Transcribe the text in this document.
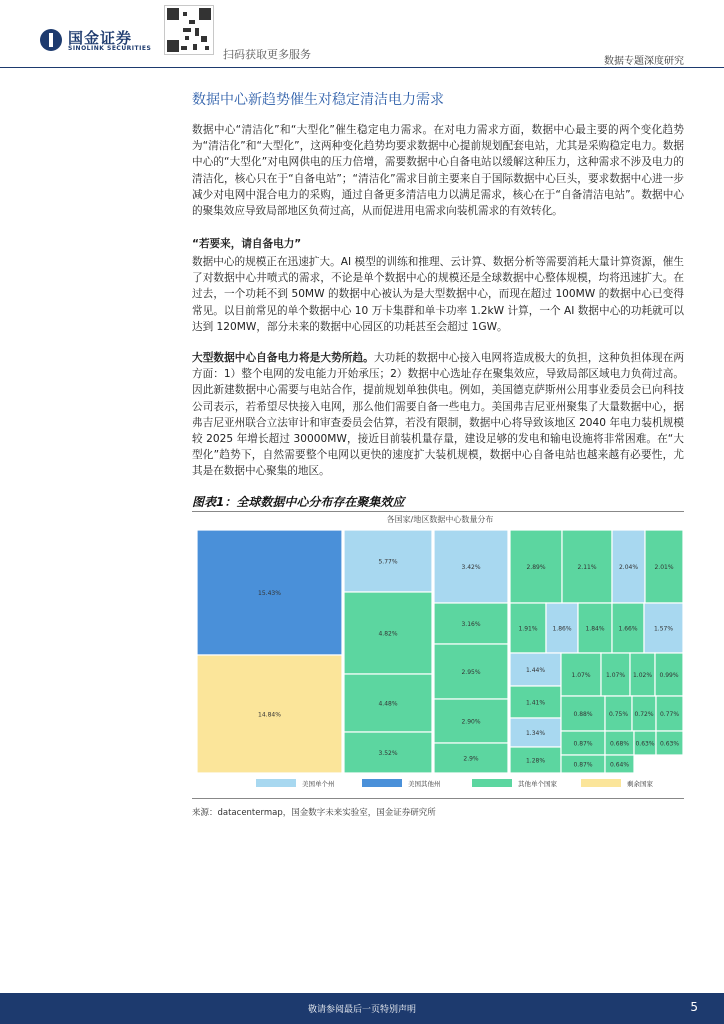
国金证券
SINOLINK SECURITIES	扫码获取更多服务
数据专题深度研究
数据中心新趋势催生对稳定清洁电力需求
数据中心“清洁化”和“大型化”催生稳定电力需求。在对电力需求方面，数据中心最主要的两个变化趋势为“清洁化”和“大型化”，这两种变化趋势均要求数据中心提前规划配套电站，尤其是采购稳定电力。数据中心的“大型化”对电网供电的压力倍增，需要数据中心自备电站以缓解这种压力，这种需求不涉及电力的清洁化，核心只在于“自备电站”；“清洁化”需求目前主要来自于国际数据中心巨头，要求数据中心进一步减少对电网中混合电力的采购，通过自备更多清洁电力以满足需求，核心在于“自备清洁电站”。数据中心的聚集效应导致局部地区负荷过高，从而促进用电需求向装机需求的有效转化。
“若要来，请自备电力”
数据中心的规模正在迅速扩大。AI 模型的训练和推理、云计算、数据分析等需要消耗大量计算资源，催生了对数据中心井喷式的需求，不论是单个数据中心的规模还是全球数据中心整体规模，均将迅速扩大。在过去，一个功耗不到 50MW 的数据中心被认为是大型数据中心，而现在超过 100MW 的数据中心已变得常见。以目前常见的单个数据中心 10 万卡集群和单卡功率 1.2kW 计算，一个 AI 数据中心的功耗就可以达到 120MW，部分未来的数据中心园区的功耗甚至会超过 1GW。
大型数据中心自备电力将是大势所趋。大功耗的数据中心接入电网将造成极大的负担，这种负担体现在两方面：1）整个电网的发电能力开始承压；2）数据中心选址存在聚集效应，导致局部区域电力负荷过高。因此新建数据中心需要与电站合作，提前规划单独供电。例如，美国德克萨斯州公用事业委员会已向科技公司表示，若希望尽快接入电网，那么他们需要自备一些电力。美国弗吉尼亚州聚集了大量数据中心，据弗吉尼亚州联合立法审计和审查委员会估算，若没有限制，数据中心将导致该地区 2040 年电力装机规模较 2025 年增长超过 30000MW，接近目前装机量存量，建设足够的发电和输电设施将非常困难。在“大型化”趋势下，自然需要整个电网以更快的速度扩大装机规模，数据中心自备电站也越来越有必要性，尤其是在数据中心聚集的地区。
图表1：全球数据中心分布存在聚集效应
各国家/地区数据中心数量分布
15.43%
14.84%
5.77%
4.82%
4.48%
3.52%
3.42%
3.16%
2.95%
2.90%
2.9%
2.89%	2.11%	2.04%	2.01%
1.91% 1.86% 1.84% 1.66%	1.57%
1.44%
1.41%
1.34%
1.28%
1.07%	1.07% 1.02% 0.99%
0.88%	0.75% 0.72% 0.77%
0.87%	0.68% 0.63% 0.63%
0.87%	0.64%
美国单个州	美国其他州	其他单个国家	剩余国家
来源：datacentermap，国金数字未来实验室，国金证券研究所
敬请参阅最后一页特别声明	5
